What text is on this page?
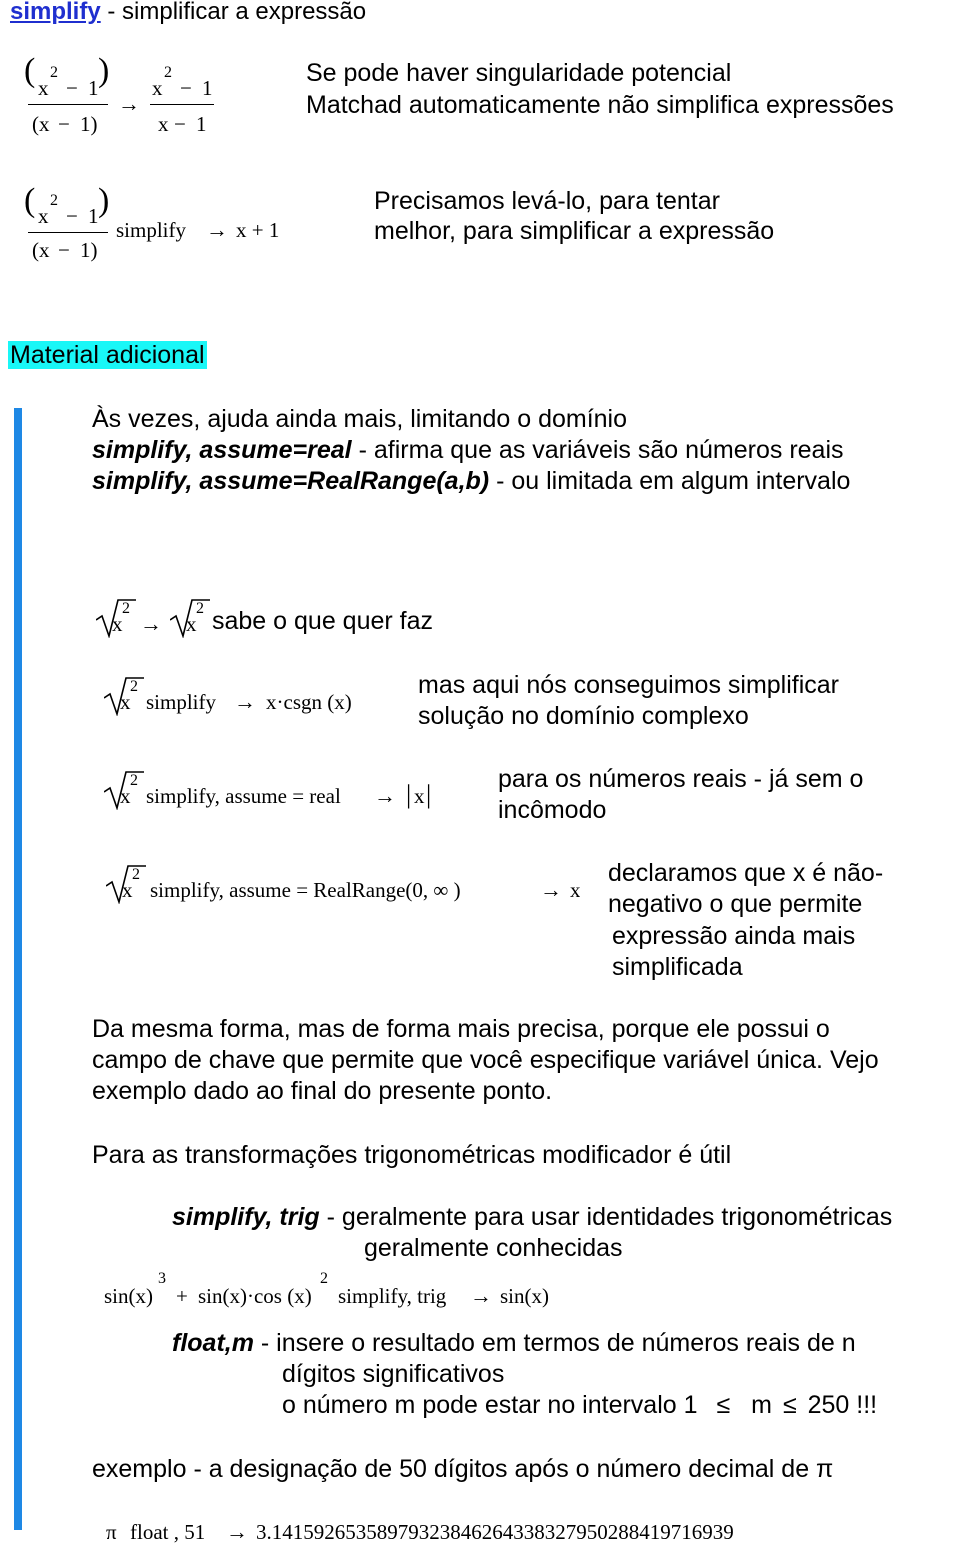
simplify - simplificar a expressão
( x
2
− 1 )
(x − 1)
→
x
2
− 1
x − 1
Se pode haver singularidade potencial
Matchad automaticamente não simplifica expressões
( x
2
− 1 )
(x − 1)
simplify → x + 1
Precisamos levá-lo, para tentar
melhor, para simplificar a expressão
Material adicional
Às vezes, ajuda ainda mais, limitando o domínio
simplify, assume=real - afirma que as variáveis são números reais
simplify, assume=RealRange(a,b) - ou limitada em algum intervalo
x
2
→ x
2 sabe o que quer faz
x
2
simplify → x·csgn (x)
mas aqui nós conseguimos simplificar
solução no domínio complexo
x
2
simplify, assume = real → | x |
para os números reais - já sem o
incômodo
x
2
simplify, assume = RealRange(0, ∞ )	→ x
declaramos que x é não-
negativo o que permite
expressão ainda mais
simplificada
Da mesma forma, mas de forma mais precisa, porque ele possui o
campo de chave que permite que você especifique variável única. Vejo
exemplo dado ao final do presente ponto.
Para as transformações trigonométricas modificador é útil
simplify, trig - geralmente para usar identidades trigonométricas
geralmente conhecidas
sin(x)
3
+ sin(x)·cos (x)
2
simplify, trig → sin(x)
float,m - insere o resultado em termos de números reais de n
dígitos significativos
o número m pode estar no intervalo 1 ≤ m ≤ 250 !!!
exemplo - a designação de 50 dígitos após o número decimal de π
π float , 51 → 3.14159265358979323846264338327950288419716939
